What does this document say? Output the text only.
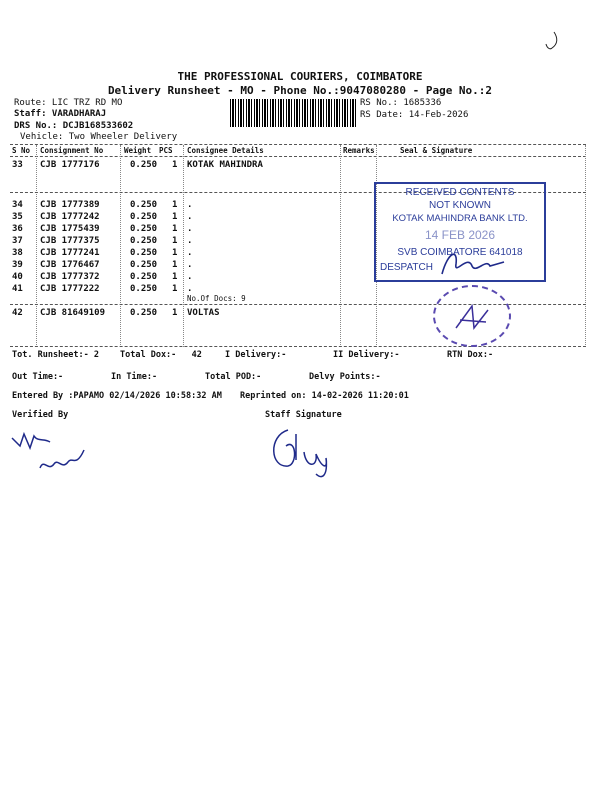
THE PROFESSIONAL COURIERS, COIMBATORE
Delivery Runsheet - MO - Phone No.:9047080280 - Page No.:2
Route: LIC TRZ RD MO
Staff: VARADHARAJ
DRS No.: DCJB168533602
Vehicle: Two Wheeler Delivery
RS No.: 1685336
RS Date: 14-Feb-2026
S No Consignment No	Weight PCS Consignee Details	Remarks	Seal & Signature
33 CJB 1777176	0.250 1 KOTAK MAHINDRA
34 CJB 1777389	0.250 1 .
35 CJB 1777242	0.250 1 .
36 CJB 1775439	0.250 1 .
37 CJB 1777375	0.250 1 .
38 CJB 1777241	0.250 1 .
39 CJB 1776467	0.250 1 .
40 CJB 1777372	0.250 1 .
41 CJB 1777222	0.250 1 .
No.Of Docs: 9
42 CJB 81649109	0.250 1 VOLTAS
RECEIVED CONTENTS
NOT KNOWN
KOTAK MAHINDRA BANK LTD.
14 FEB 2026
SVB COIMBATORE 641018
DESPATCH
Tot. Runsheet:- 2 Total Dox:-   42	I Delivery:-	II Delivery:-	RTN Dox:-
Out Time:-	In Time:-	Total POD:-	Delvy Points:-
Entered By :PAPAMO 02/14/2026 10:58:32 AM Reprinted on: 14-02-2026 11:20:01
Verified By	Staff Signature
